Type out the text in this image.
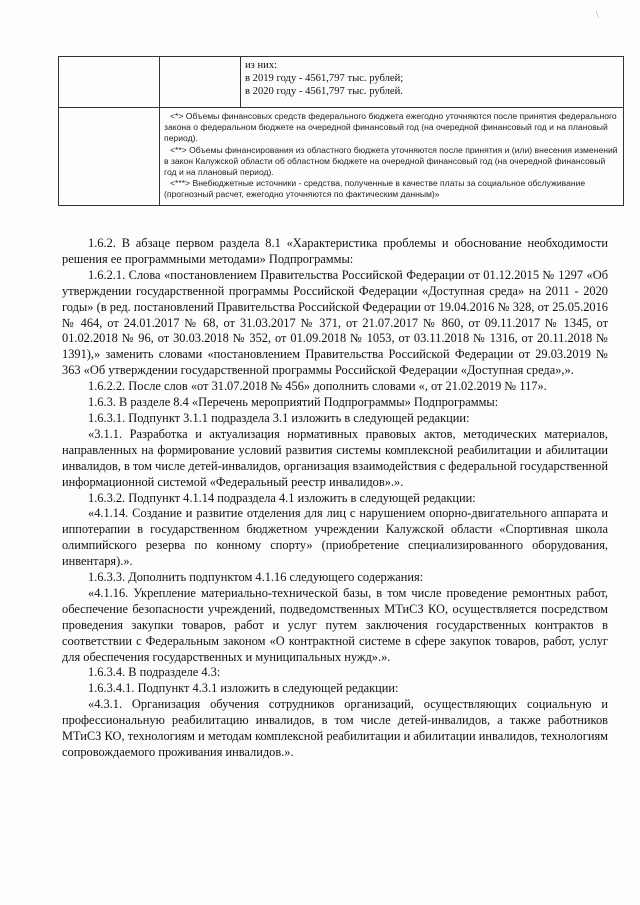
\

		из них:
в 2019 году - 4561,797 тыс. рублей;
в 2020 году - 4561,797 тыс. рублей.

	<*> Объемы финансовых средств федерального бюджета ежегодно уточняются после принятия федерального закона о федеральном бюджете на очередной финансовый год (на очередной финансовый год и на плановый период).

<**> Объемы финансирования из областного бюджета уточняются после принятия и (или) внесения изменений в закон Калужской области об областном бюджете на очередной финансовый год (на очередной финансовый год и на плановый период).

<***> Внебюджетные источники - средства, полученные в качестве платы за социальное обслуживание (прогнозный расчет, ежегодно уточняются по фактическим данным)»	

1.6.2. В абзаце первом раздела 8.1 «Характеристика проблемы и обоснование необходимости решения ее программными методами» Подпрограммы:

1.6.2.1. Слова «постановлением Правительства Российской Федерации от 01.12.2015 № 1297 «Об утверждении государственной программы Российской Федерации «Доступная среда» на 2011 - 2020 годы» (в ред. постановлений Правительства Российской Федерации от 19.04.2016 № 328, от 25.05.2016 № 464, от 24.01.2017 № 68, от 31.03.2017 № 371, от 21.07.2017 № 860, от 09.11.2017 № 1345, от 01.02.2018 № 96, от 30.03.2018 № 352, от 01.09.2018 № 1053, от 03.11.2018 № 1316, от 20.11.2018 № 1391),» заменить словами «постановлением Правительства Российской Федерации от 29.03.2019 № 363 «Об утверждении государственной программы Российской Федерации «Доступная среда»,».

1.6.2.2. После слов «от 31.07.2018 № 456» дополнить словами «, от 21.02.2019 № 117».

1.6.3. В разделе 8.4 «Перечень мероприятий Подпрограммы» Подпрограммы:

1.6.3.1. Подпункт 3.1.1 подраздела 3.1 изложить в следующей редакции:

«3.1.1. Разработка и актуализация нормативных правовых актов, методических материалов, направленных на формирование условий развития системы комплексной реабилитации и абилитации инвалидов, в том числе детей-инвалидов, организация взаимодействия с федеральной государственной информационной системой «Федеральный реестр инвалидов».».

1.6.3.2. Подпункт 4.1.14 подраздела 4.1 изложить в следующей редакции:

«4.1.14. Создание и развитие отделения для лиц с нарушением опорно-двигательного аппарата и иппотерапии в государственном бюджетном учреждении Калужской области «Спортивная школа олимпийского резерва по конному спорту» (приобретение специализированного оборудования, инвентаря).».

1.6.3.3. Дополнить подпунктом 4.1.16 следующего содержания:

«4.1.16. Укрепление материально-технической базы, в том числе проведение ремонтных работ, обеспечение безопасности учреждений, подведомственных МТиСЗ КО, осуществляется посредством проведения закупки товаров, работ и услуг путем заключения государственных контрактов в соответствии с Федеральным законом «О контрактной системе в сфере закупок товаров, работ, услуг для обеспечения государственных и муниципальных нужд».».

1.6.3.4. В подразделе 4.3:

1.6.3.4.1. Подпункт 4.3.1 изложить в следующей редакции:

«4.3.1. Организация обучения сотрудников организаций, осуществляющих социальную и профессиональную реабилитацию инвалидов, в том числе детей-инвалидов, а также работников МТиСЗ КО, технологиям и методам комплексной реабилитации и абилитации инвалидов, технологиям сопровождаемого проживания инвалидов.».
